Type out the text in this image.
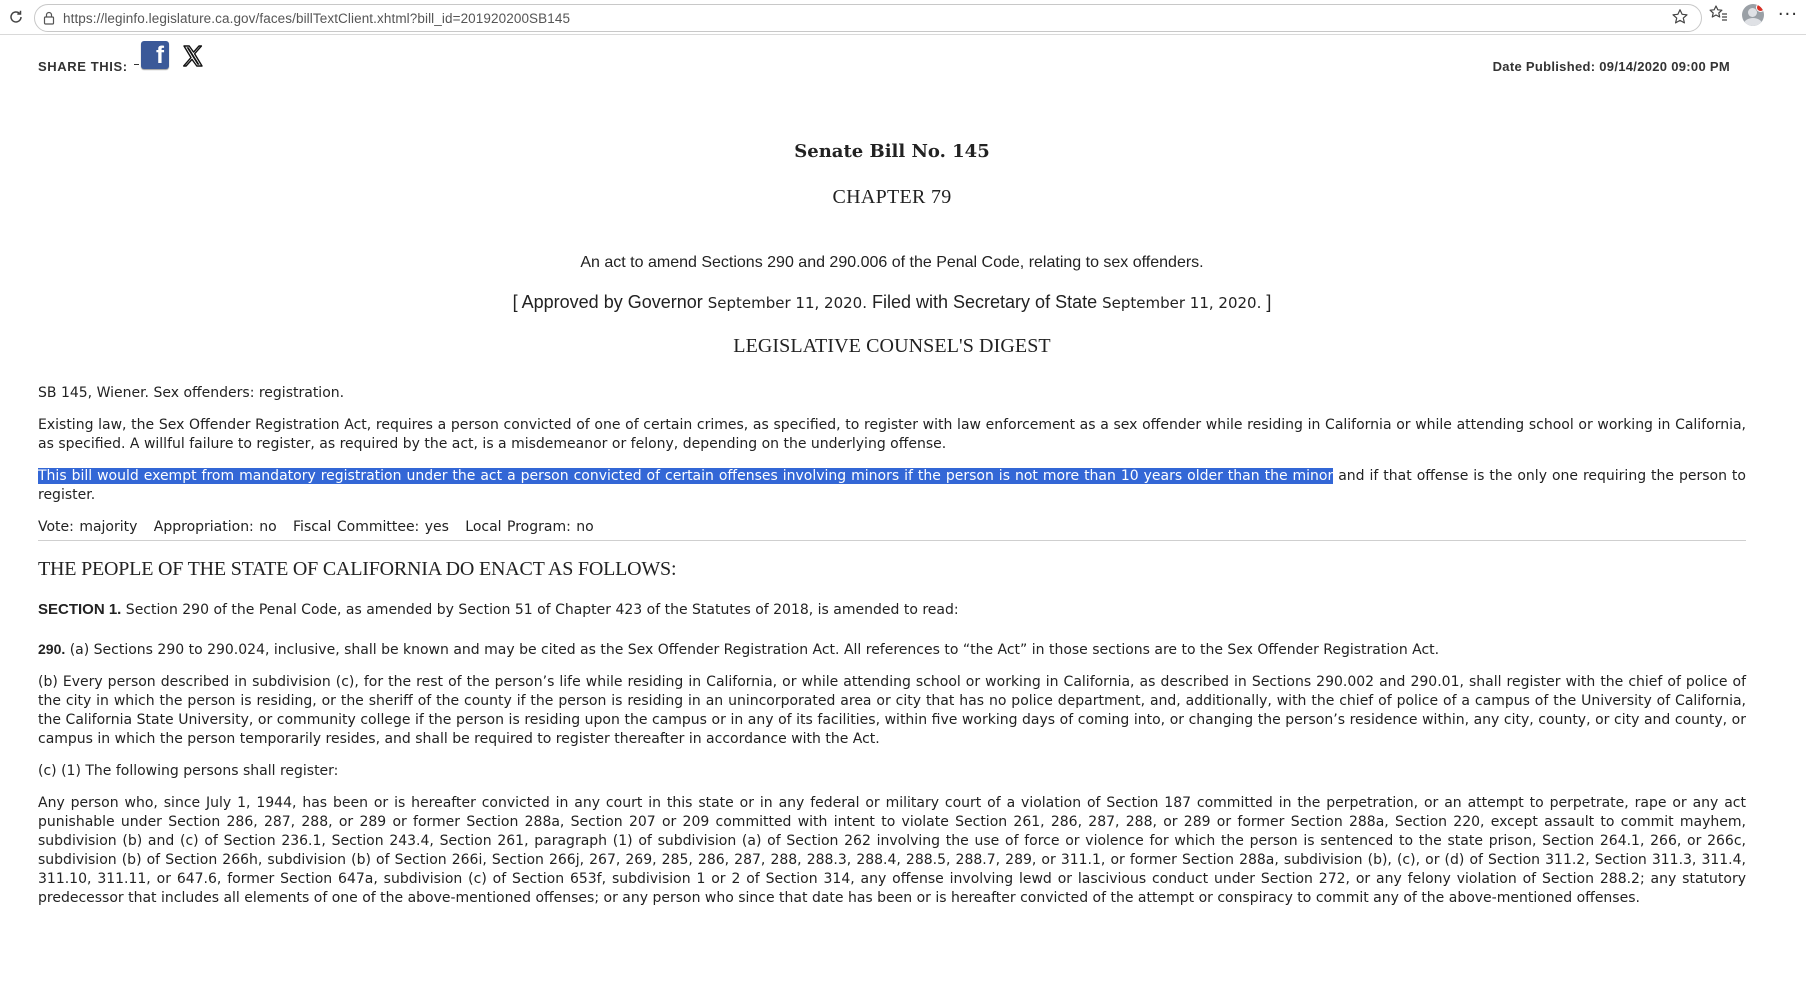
https://leginfo.legislature.ca.gov/faces/billTextClient.xhtml?bill_id=201920200SB145	···
SHARE THIS:	f	Date Published: 09/14/2020 09:00 PM
Senate Bill No. 145
CHAPTER 79
An act to amend Sections 290 and 290.006 of the Penal Code, relating to sex offenders.
[ Approved by Governor September 11, 2020. Filed with Secretary of State September 11, 2020. ]
LEGISLATIVE COUNSEL'S DIGEST

SB 145, Wiener. Sex offenders: registration.

Existing law, the Sex Offender Registration Act, requires a person convicted of one of certain crimes, as specified, to register with law enforcement as a sex offender while residing in California or while attending school or working in California, as specified. A willful failure to register, as required by the act, is a misdemeanor or felony, depending on the underlying offense.

This bill would exempt from mandatory registration under the act a person convicted of certain offenses involving minors if the person is not more than 10 years older than the minor and if that offense is the only one requiring the person to register.

Vote: majority   Appropriation: no   Fiscal Committee: yes   Local Program: no

THE PEOPLE OF THE STATE OF CALIFORNIA DO ENACT AS FOLLOWS:

SECTION 1. Section 290 of the Penal Code, as amended by Section 51 of Chapter 423 of the Statutes of 2018, is amended to read:

290. (a) Sections 290 to 290.024, inclusive, shall be known and may be cited as the Sex Offender Registration Act. All references to “the Act” in those sections are to the Sex Offender Registration Act.

(b) Every person described in subdivision (c), for the rest of the person’s life while residing in California, or while attending school or working in California, as described in Sections 290.002 and 290.01, shall register with the chief of police of the city in which the person is residing, or the sheriff of the county if the person is residing in an unincorporated area or city that has no police department, and, additionally, with the chief of police of a campus of the University of California, the California State University, or community college if the person is residing upon the campus or in any of its facilities, within five working days of coming into, or changing the person’s residence within, any city, county, or city and county, or campus in which the person temporarily resides, and shall be required to register thereafter in accordance with the Act.

(c) (1) The following persons shall register:

Any person who, since July 1, 1944, has been or is hereafter convicted in any court in this state or in any federal or military court of a violation of Section 187 committed in the perpetration, or an attempt to perpetrate, rape or any act punishable under Section 286, 287, 288, or 289 or former Section 288a, Section 207 or 209 committed with intent to violate Section 261, 286, 287, 288, or 289 or former Section 288a, Section 220, except assault to commit mayhem, subdivision (b) and (c) of Section 236.1, Section 243.4, Section 261, paragraph (1) of subdivision (a) of Section 262 involving the use of force or violence for which the person is sentenced to the state prison, Section 264.1, 266, or 266c, subdivision (b) of Section 266h, subdivision (b) of Section 266i, Section 266j, 267, 269, 285, 286, 287, 288, 288.3, 288.4, 288.5, 288.7, 289, or 311.1, or former Section 288a, subdivision (b), (c), or (d) of Section 311.2, Section 311.3, 311.4, 311.10, 311.11, or 647.6, former Section 647a, subdivision (c) of Section 653f, subdivision 1 or 2 of Section 314, any offense involving lewd or lascivious conduct under Section 272, or any felony violation of Section 288.2; any statutory predecessor that includes all elements of one of the above-mentioned offenses; or any person who since that date has been or is hereafter convicted of the attempt or conspiracy to commit any of the above-mentioned offenses.
